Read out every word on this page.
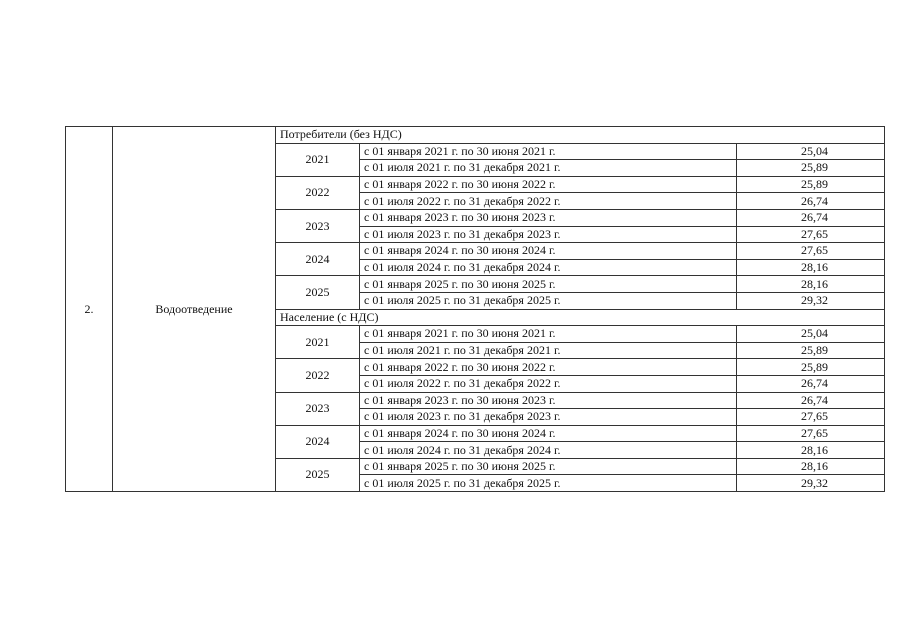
2.	Водоотведение	Потребители (без НДС)		
		2021	с 01 января 2021 г. по 30 июня 2021 г.	25,04
			с 01 июля 2021 г. по 31 декабря 2021 г.	25,89
		2022	с 01 января 2022 г. по 30 июня 2022 г.	25,89
			с 01 июля 2022 г. по 31 декабря 2022 г.	26,74
		2023	с 01 января 2023 г. по 30 июня 2023 г.	26,74
			с 01 июля 2023 г. по 31 декабря 2023 г.	27,65
		2024	с 01 января 2024 г. по 30 июня 2024 г.	27,65
			с 01 июля 2024 г. по 31 декабря 2024 г.	28,16
		2025	с 01 января 2025 г. по 30 июня 2025 г.	28,16
			с 01 июля 2025 г. по 31 декабря 2025 г.	29,32
		Население (с НДС)		
		2021	с 01 января 2021 г. по 30 июня 2021 г.	25,04
			с 01 июля 2021 г. по 31 декабря 2021 г.	25,89
		2022	с 01 января 2022 г. по 30 июня 2022 г.	25,89
			с 01 июля 2022 г. по 31 декабря 2022 г.	26,74
		2023	с 01 января 2023 г. по 30 июня 2023 г.	26,74
			с 01 июля 2023 г. по 31 декабря 2023 г.	27,65
		2024	с 01 января 2024 г. по 30 июня 2024 г.	27,65
			с 01 июля 2024 г. по 31 декабря 2024 г.	28,16
		2025	с 01 января 2025 г. по 30 июня 2025 г.	28,16
			с 01 июля 2025 г. по 31 декабря 2025 г.	29,32
